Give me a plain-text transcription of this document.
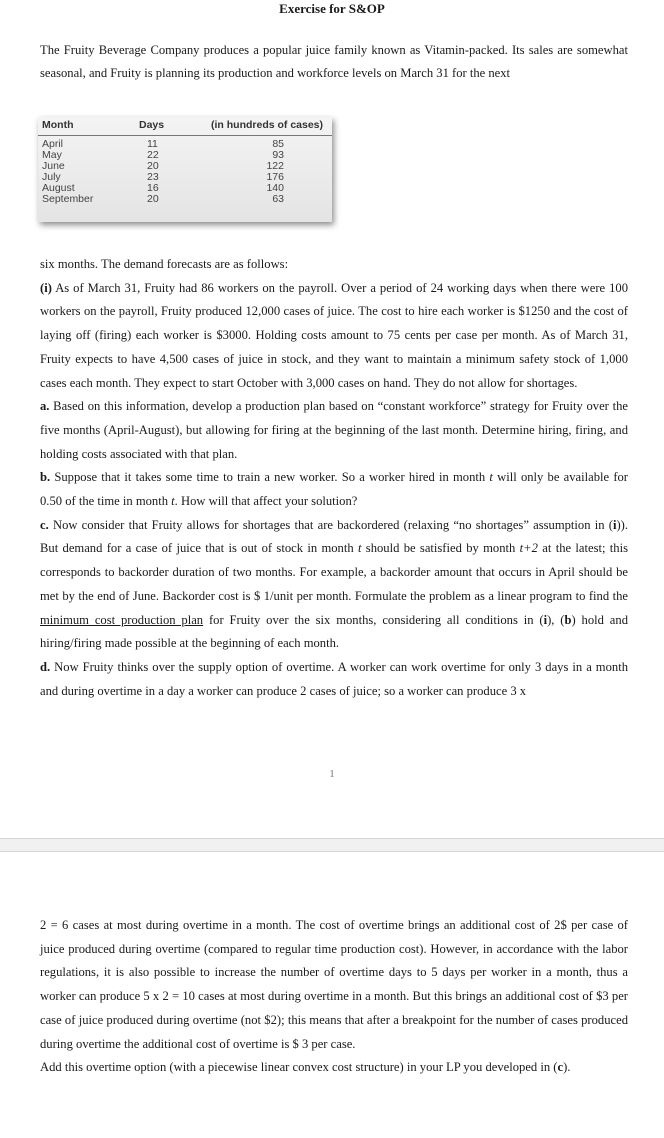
Exercise for S&OP
The Fruity Beverage Company produces a popular juice family known as Vitamin-packed. Its sales are somewhat seasonal, and Fruity is planning its production and workforce levels on March 31 for the next
Month	Days	(in hundreds of cases)
April	11	85
May	22	93
June	20	122
July	23	176
August	16	140
September	20	63
six months. The demand forecasts are as follows:
(i) As of March 31, Fruity had 86 workers on the payroll. Over a period of 24 working days when there were 100 workers on the payroll, Fruity produced 12,000 cases of juice. The cost to hire each worker is $1250 and the cost of laying off (firing) each worker is $3000. Holding costs amount to 75 cents per case per month. As of March 31, Fruity expects to have 4,500 cases of juice in stock, and they want to maintain a minimum safety stock of 1,000 cases each month. They expect to start October with 3,000 cases on hand. They do not allow for shortages.
a. Based on this information, develop a production plan based on “constant workforce” strategy for Fruity over the five months (April-August), but allowing for firing at the beginning of the last month. Determine hiring, firing, and holding costs associated with that plan.
b. Suppose that it takes some time to train a new worker. So a worker hired in month t will only be available for 0.50 of the time in month t. How will that affect your solution?
c. Now consider that Fruity allows for shortages that are backordered (relaxing “no shortages” assumption in (i)). But demand for a case of juice that is out of stock in month t should be satisfied by month t+2 at the latest; this corresponds to backorder duration of two months. For example, a backorder amount that occurs in April should be met by the end of June. Backorder cost is $ 1/unit per month. Formulate the problem as a linear program to find the minimum cost production plan for Fruity over the six months, considering all conditions in (i), (b) hold and hiring/firing made possible at the beginning of each month.
d. Now Fruity thinks over the supply option of overtime. A worker can work overtime for only 3 days in a month and during overtime in a day a worker can produce 2 cases of juice; so a worker can produce 3 x
1
2 = 6 cases at most during overtime in a month. The cost of overtime brings an additional cost of 2$ per case of juice produced during overtime (compared to regular time production cost). However, in accordance with the labor regulations, it is also possible to increase the number of overtime days to 5 days per worker in a month, thus a worker can produce 5 x 2 = 10 cases at most during overtime in a month. But this brings an additional cost of $3 per case of juice produced during overtime (not $2); this means that after a breakpoint for the number of cases produced during overtime the additional cost of overtime is $ 3 per case.
Add this overtime option (with a piecewise linear convex cost structure) in your LP you developed in (c).
